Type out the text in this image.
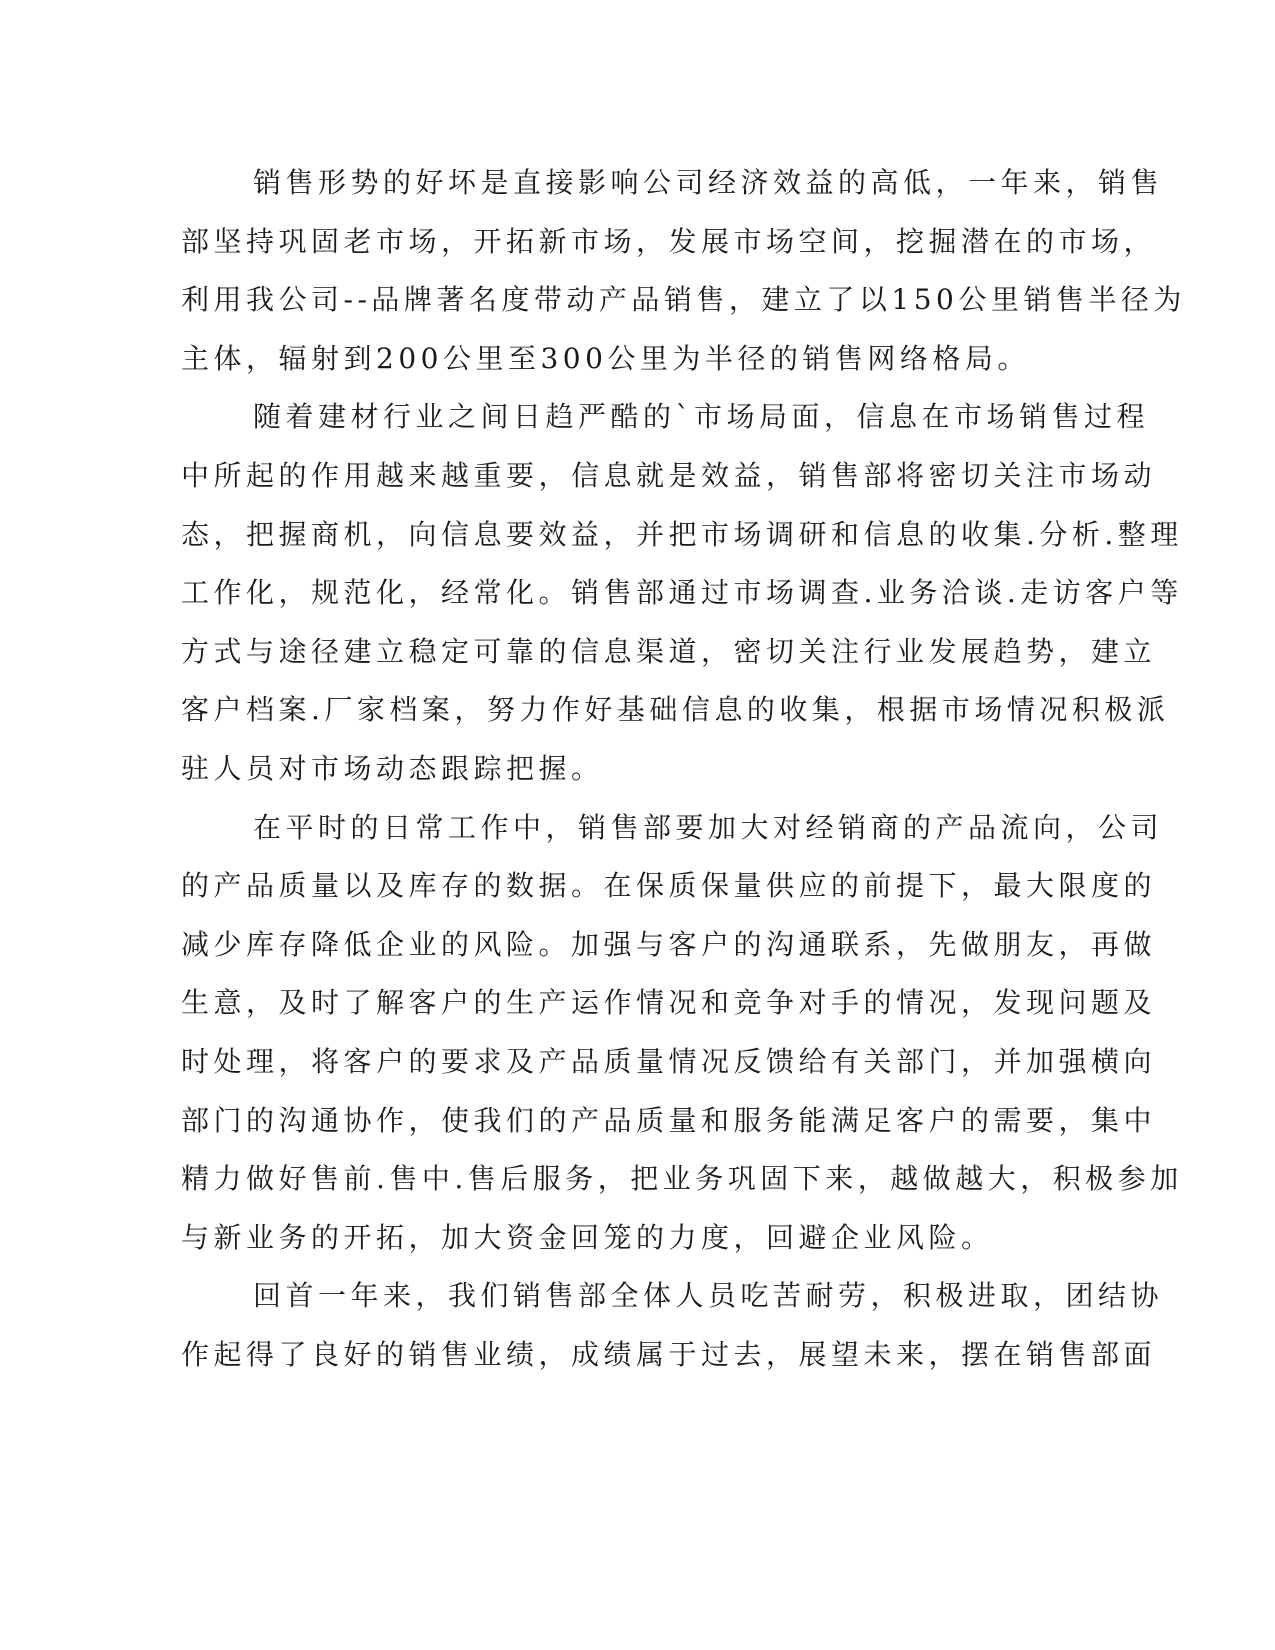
销售形势的好坏是直接影响公司经济效益的高低，一年来，销售
部坚持巩固老市场，开拓新市场，发展市场空间，挖掘潜在的市场，
利用我公司--品牌著名度带动产品销售，建立了以150公里销售半径为
主体，辐射到200公里至300公里为半径的销售网络格局。
随着建材行业之间日趋严酷的`市场局面，信息在市场销售过程
中所起的作用越来越重要，信息就是效益，销售部将密切关注市场动
态，把握商机，向信息要效益，并把市场调研和信息的收集.分析.整理
工作化，规范化，经常化。销售部通过市场调查.业务洽谈.走访客户等
方式与途径建立稳定可靠的信息渠道，密切关注行业发展趋势，建立
客户档案.厂家档案，努力作好基础信息的收集，根据市场情况积极派
驻人员对市场动态跟踪把握。
在平时的日常工作中，销售部要加大对经销商的产品流向，公司
的产品质量以及库存的数据。在保质保量供应的前提下，最大限度的
减少库存降低企业的风险。加强与客户的沟通联系，先做朋友，再做
生意，及时了解客户的生产运作情况和竞争对手的情况，发现问题及
时处理，将客户的要求及产品质量情况反馈给有关部门，并加强横向
部门的沟通协作，使我们的产品质量和服务能满足客户的需要，集中
精力做好售前.售中.售后服务，把业务巩固下来，越做越大，积极参加
与新业务的开拓，加大资金回笼的力度，回避企业风险。
回首一年来，我们销售部全体人员吃苦耐劳，积极进取，团结协
作起得了良好的销售业绩，成绩属于过去，展望未来，摆在销售部面
